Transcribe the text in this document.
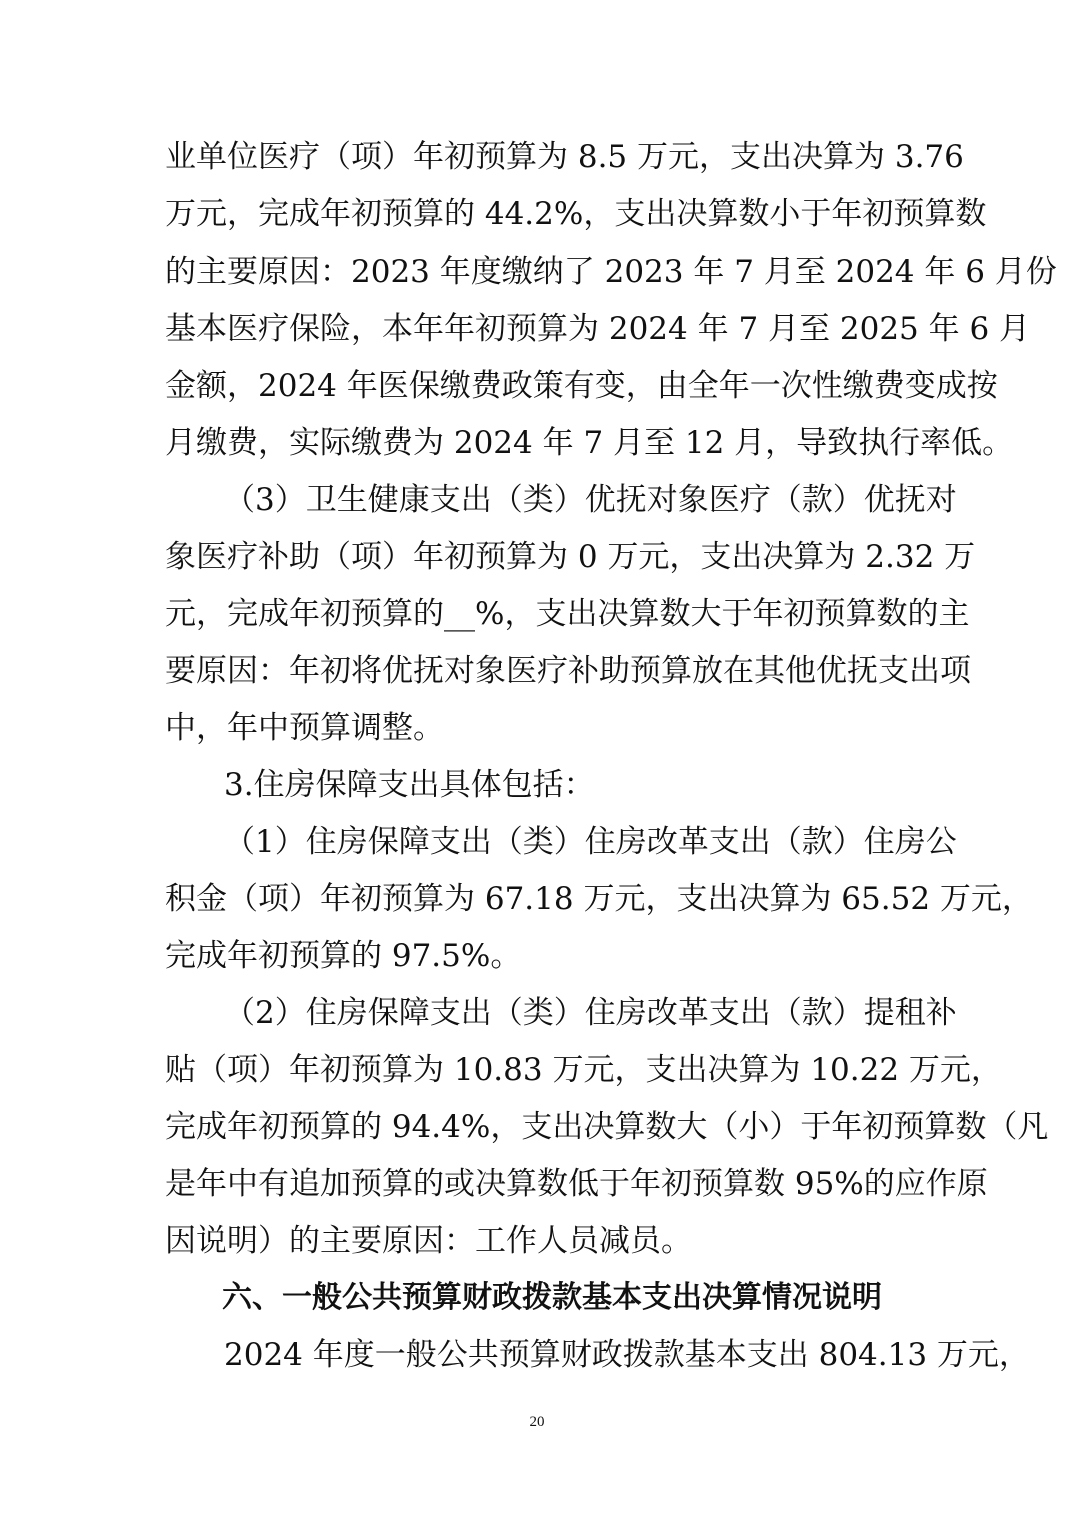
业单位医疗（项）年初预算为 8.5 万元，支出决算为 3.76
万元，完成年初预算的 44.2%，支出决算数小于年初预算数
的主要原因：2023 年度缴纳了 2023 年 7 月至 2024 年 6 月份
基本医疗保险，本年年初预算为 2024 年 7 月至 2025 年 6 月
金额，2024 年医保缴费政策有变，由全年一次性缴费变成按
月缴费，实际缴费为 2024 年 7 月至 12 月，导致执行率低。
（3）卫生健康支出（类）优抚对象医疗（款）优抚对
象医疗补助（项）年初预算为 0 万元，支出决算为 2.32 万
元，完成年初预算的__%，支出决算数大于年初预算数的主
要原因：年初将优抚对象医疗补助预算放在其他优抚支出项
中，年中预算调整。
3.住房保障支出具体包括：
（1）住房保障支出（类）住房改革支出（款）住房公
积金（项）年初预算为 67.18 万元，支出决算为 65.52 万元，
完成年初预算的 97.5%。
（2）住房保障支出（类）住房改革支出（款）提租补
贴（项）年初预算为 10.83 万元，支出决算为 10.22 万元，
完成年初预算的 94.4%，支出决算数大（小）于年初预算数（凡
是年中有追加预算的或决算数低于年初预算数 95%的应作原
因说明）的主要原因：工作人员减员。
六、一般公共预算财政拨款基本支出决算情况说明
2024 年度一般公共预算财政拨款基本支出 804.13 万元，
20
